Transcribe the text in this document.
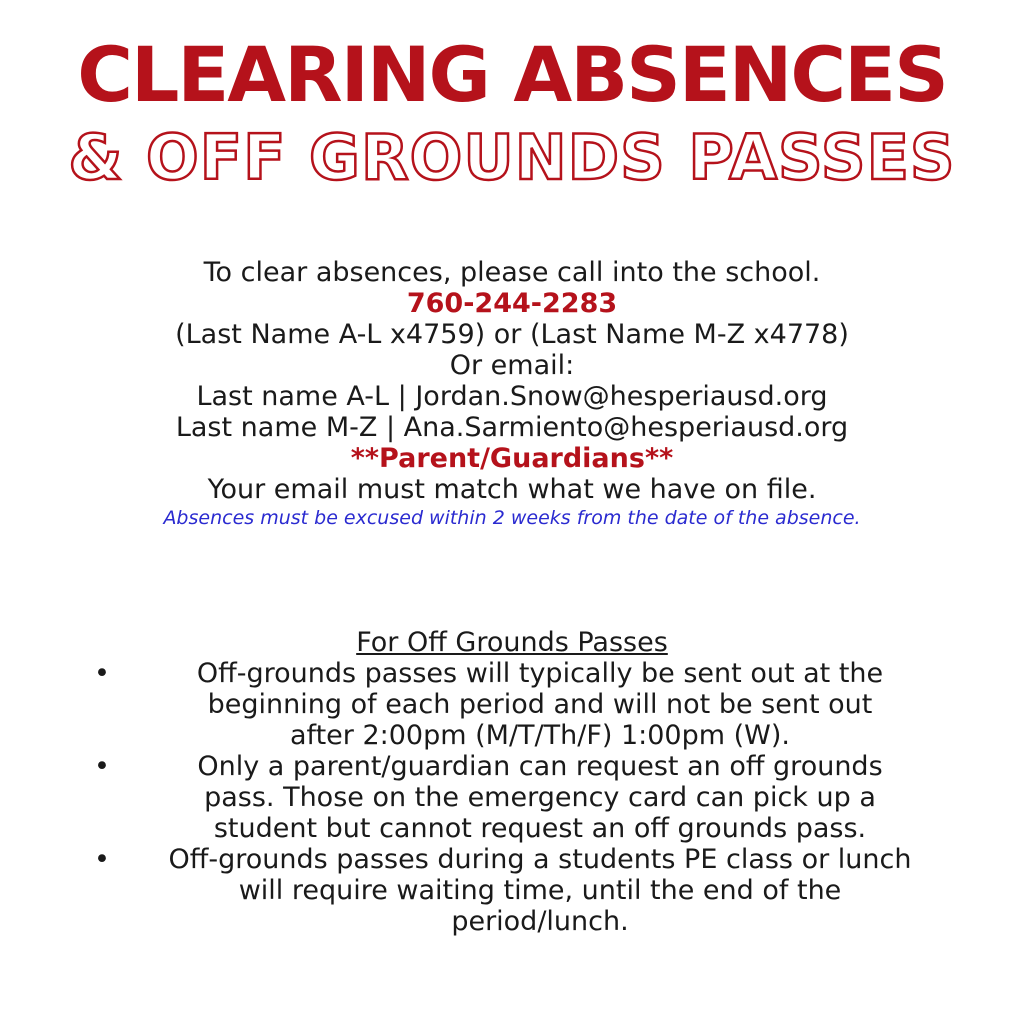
CLEARING ABSENCES
& OFF GROUNDS PASSES
To clear absences, please call into the school.
760-244-2283
(Last Name A-L x4759) or (Last Name M-Z x4778)
Or email:
Last name A-L | Jordan.Snow@hesperiausd.org
Last name M-Z | Ana.Sarmiento@hesperiausd.org
**Parent/Guardians**
Your email must match what we have on file.
Absences must be excused within 2 weeks from the date of the absence.
For Off Grounds Passes
•	Off-grounds passes will typically be sent out at the
beginning of each period and will not be sent out
after 2:00pm (M/T/Th/F) 1:00pm (W).
•	Only a parent/guardian can request an off grounds
pass. Those on the emergency card can pick up a
student but cannot request an off grounds pass.
•	Off-grounds passes during a students PE class or lunch
will require waiting time, until the end of the
period/lunch.
